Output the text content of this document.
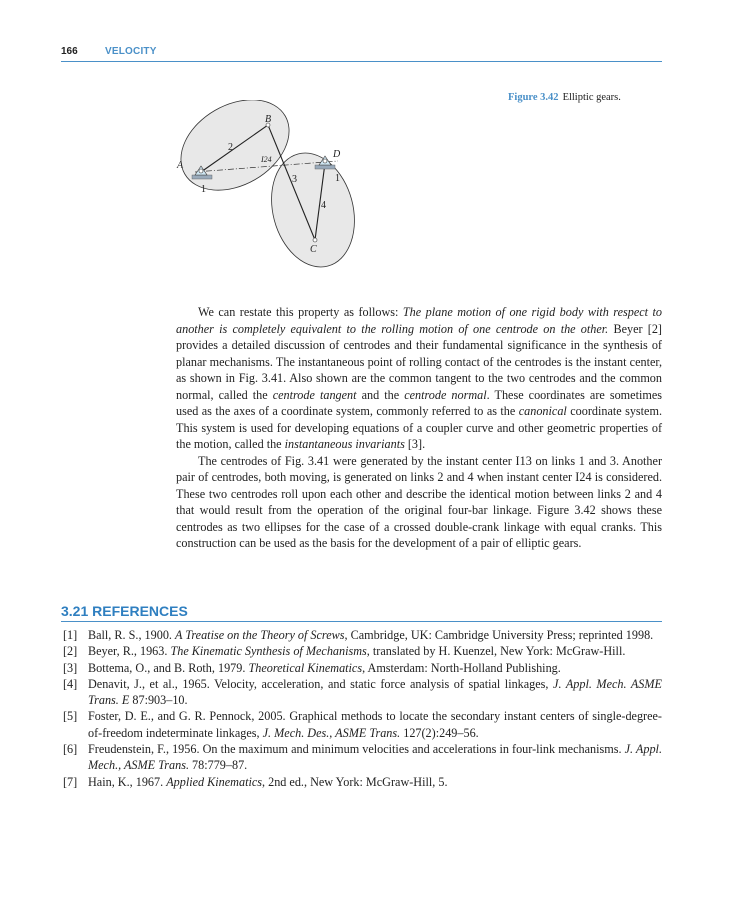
166	VELOCITY
Figure 3.42 Elliptic gears.
A
B
C
D
I24
1
2
3	1
4

We can restate this property as follows: The plane motion of one rigid body with respect to another is completely equivalent to the rolling motion of one centrode on the other. Beyer [2] provides a detailed discussion of centrodes and their fundamental significance in the synthesis of planar mechanisms. The instantaneous point of rolling contact of the centrodes is the instant center, as shown in Fig. 3.41. Also shown are the common tangent to the two centrodes and the common normal, called the centrode tangent and the centrode normal. These coordinates are sometimes used as the axes of a coordinate system, commonly referred to as the canonical coordinate system. This system is used for developing equations of a coupler curve and other geometric properties of the motion, called the instantaneous invariants [3].

The centrodes of Fig. 3.41 were generated by the instant center I13 on links 1 and 3. Another pair of centrodes, both moving, is generated on links 2 and 4 when instant center I24 is considered. These two centrodes roll upon each other and describe the identical motion between links 2 and 4 that would result from the operation of the original four-bar linkage. Figure 3.42 shows these centrodes as two ellipses for the case of a crossed double-crank linkage with equal cranks. This construction can be used as the basis for the development of a pair of elliptic gears.

3.21 REFERENCES
[1] Ball, R. S., 1900. A Treatise on the Theory of Screws, Cambridge, UK: Cambridge University Press; reprinted 1998.
[2] Beyer, R., 1963. The Kinematic Synthesis of Mechanisms, translated by H. Kuenzel, New York: McGraw-Hill.
[3] Bottema, O., and B. Roth, 1979. Theoretical Kinematics, Amsterdam: North-Holland Publishing.
[4] Denavit, J., et al., 1965. Velocity, acceleration, and static force analysis of spatial linkages, J. Appl. Mech. ASME Trans. E 87:903–10.
[5] Foster, D. E., and G. R. Pennock, 2005. Graphical methods to locate the secondary instant centers of single-degree-of-freedom indeterminate linkages, J. Mech. Des., ASME Trans. 127(2):249–56.
[6] Freudenstein, F., 1956. On the maximum and minimum velocities and accelerations in four-link mechanisms. J. Appl. Mech., ASME Trans. 78:779–87.
[7] Hain, K., 1967. Applied Kinematics, 2nd ed., New York: McGraw-Hill, 5.
